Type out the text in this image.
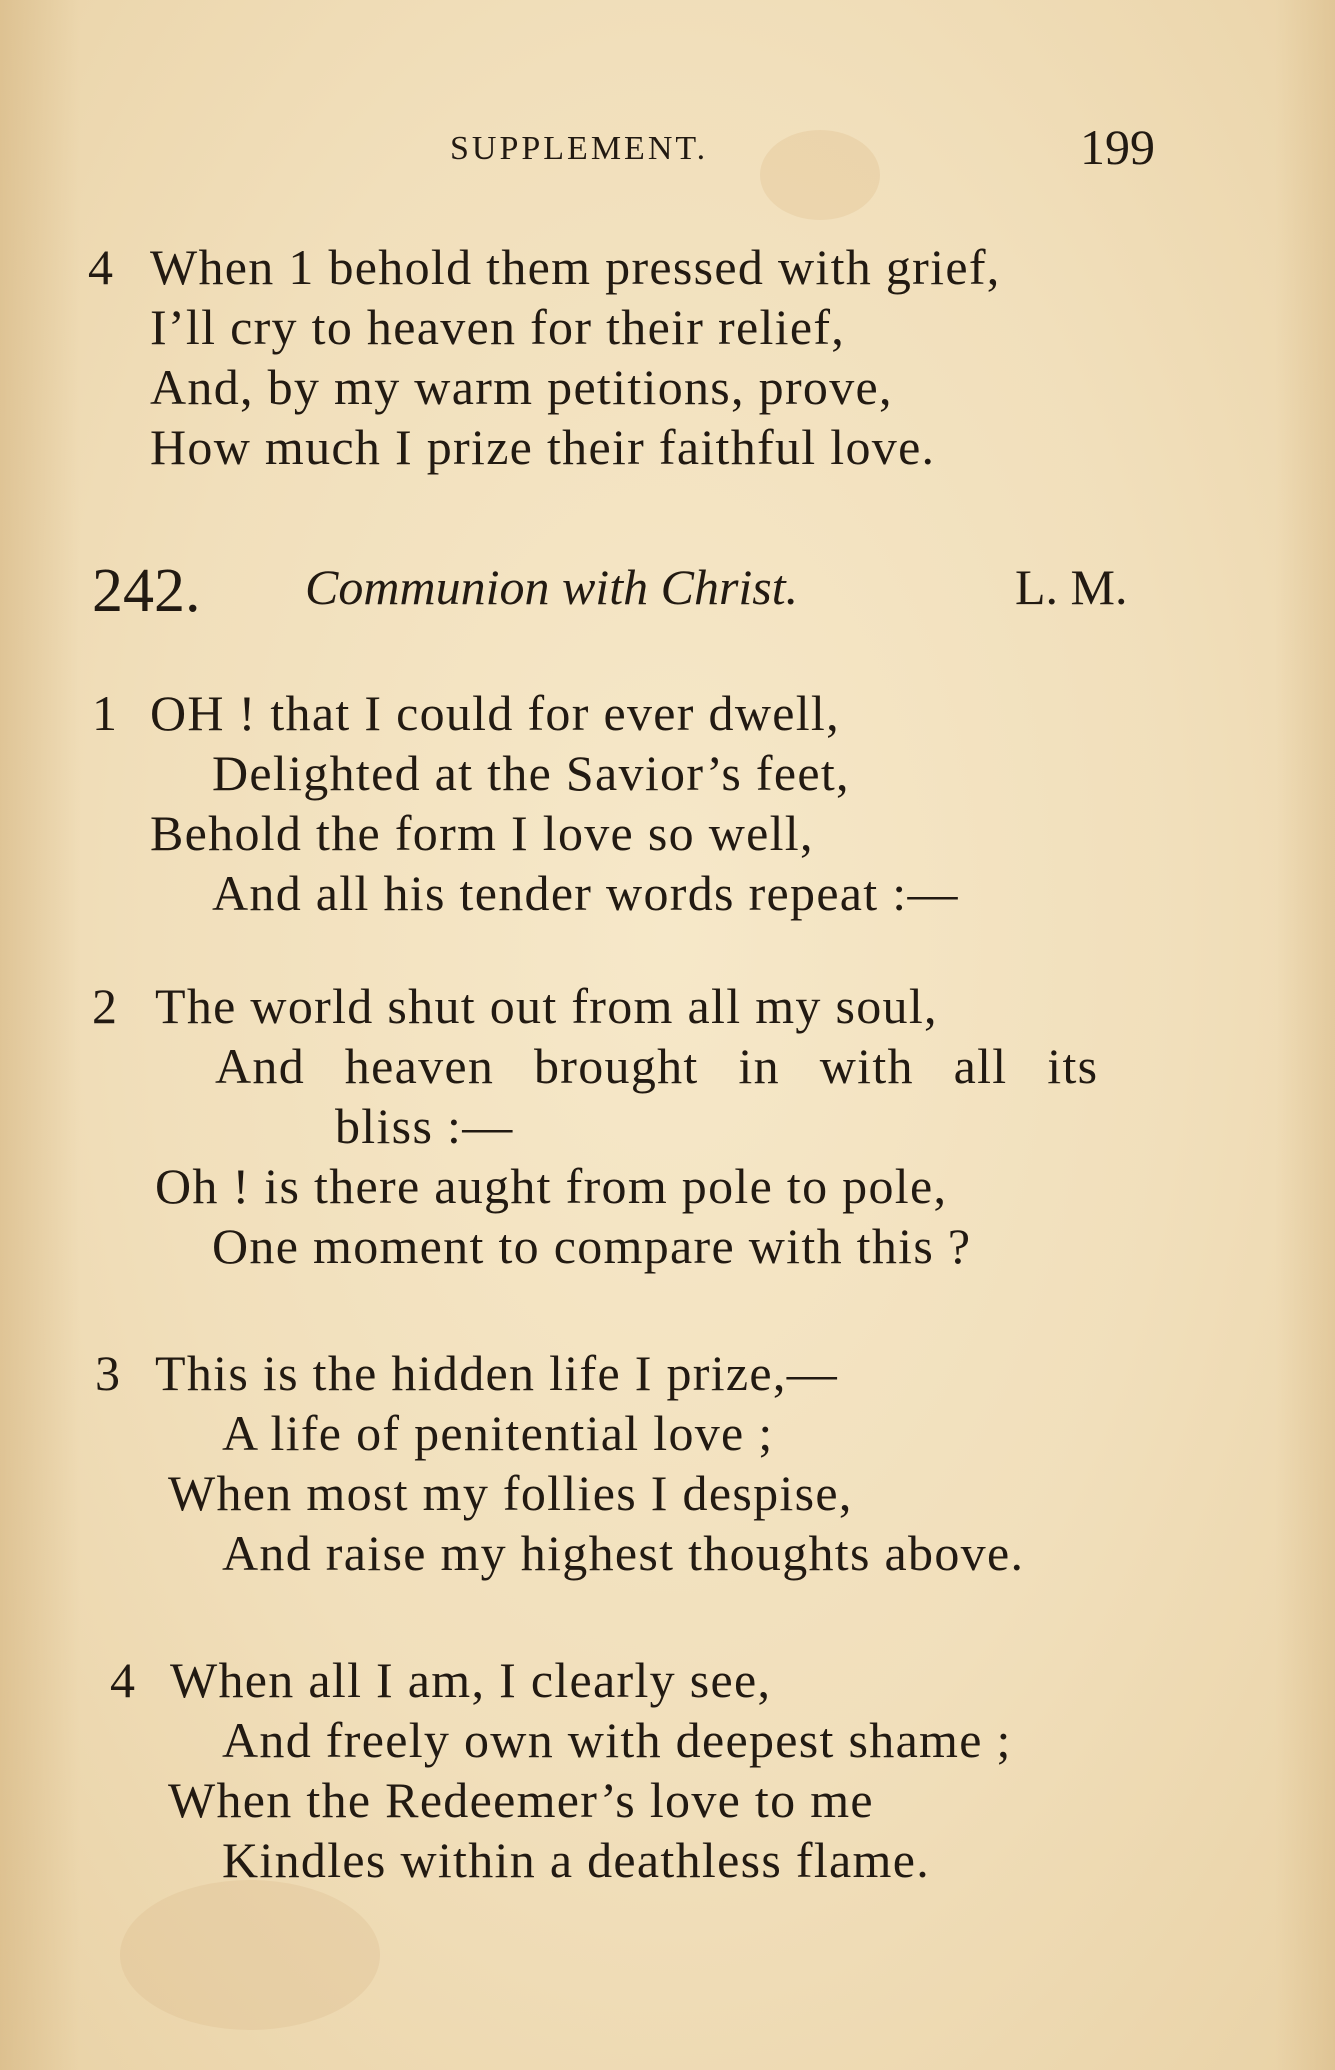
SUPPLEMENT.	199
4 When 1 behold them pressed with grief,
I’ll cry to heaven for their relief,
And, by my warm petitions, prove,
How much I prize their faithful love.
242. Communion with Christ.	L. M.
1 OH ! that I could for ever dwell,
Delighted at the Savior’s feet,
Behold the form I love so well,
And all his tender words repeat :—
2 The world shut out from all my soul,
And heaven brought in with all its
bliss :—
Oh ! is there aught from pole to pole,
One moment to compare with this ?
3 This is the hidden life I prize,—
A life of penitential love ;
When most my follies I despise,
And raise my highest thoughts above.
4 When all I am, I clearly see,
And freely own with deepest shame ;
When the Redeemer’s love to me
Kindles within a deathless flame.
